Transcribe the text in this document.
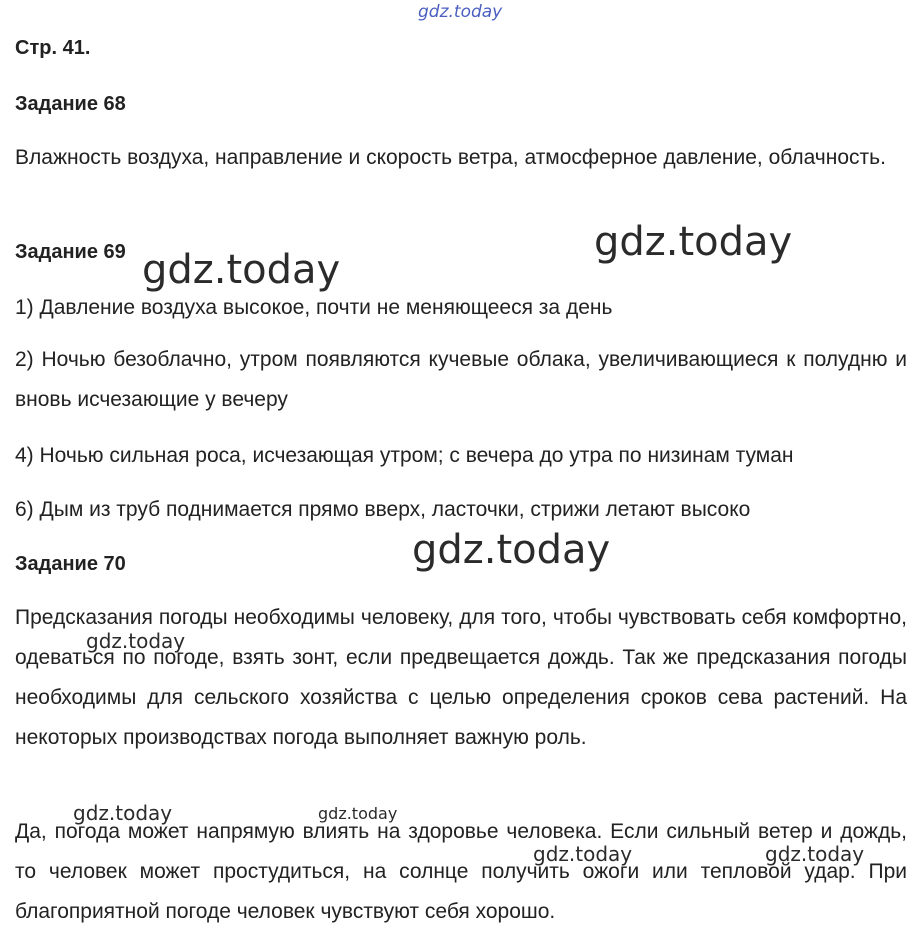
gdz.today
Стр. 41.
Задание 68
Влажность воздуха, направление и скорость ветра, атмосферное давление, облачность.
Задание 69
1) Давление воздуха высокое, почти не меняющееся за день
2) Ночью безоблачно, утром появляются кучевые облака, увеличивающиеся к полудню и вновь исчезающие у вечеру
4) Ночью сильная роса, исчезающая утром; с вечера до утра по низинам туман
6) Дым из труб поднимается прямо вверх, ласточки, стрижи летают высоко
Задание 70
Предсказания погоды необходимы человеку, для того, чтобы чувствовать себя комфортно, одеваться по погоде, взять зонт, если предвещается дождь. Так же предсказания погоды необходимы для сельского хозяйства с целью определения сроков сева растений. На некоторых производствах погода выполняет важную роль.
Да, погода может напрямую влиять на здоровье человека. Если сильный ветер и дождь, то человек может простудиться, на солнце получить ожоги или тепловой удар. При благоприятной погоде человек чувствуют себя хорошо.
gdz.today
gdz.today
gdz.today
gdz.today
gdz.today	gdz.today
gdz.today	gdz.today
